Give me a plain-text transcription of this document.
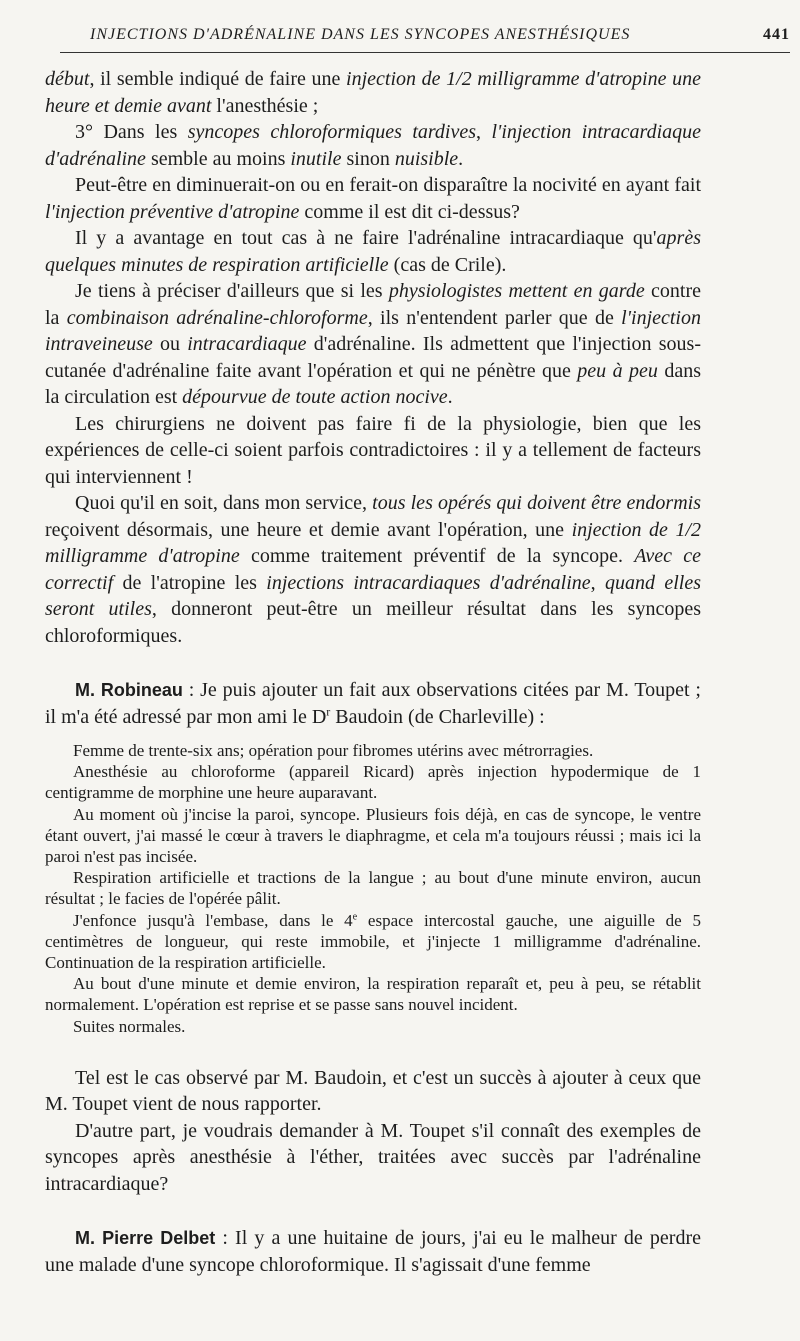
INJECTIONS D'ADRÉNALINE DANS LES SYNCOPES ANESTHÉSIQUES	441

début, il semble indiqué de faire une injection de 1/2 milligramme d'atropine une heure et demie avant l'anesthésie ;

3° Dans les syncopes chloroformiques tardives, l'injection intracardiaque d'adrénaline semble au moins inutile sinon nuisible.

Peut-être en diminuerait-on ou en ferait-on disparaître la nocivité en ayant fait l'injection préventive d'atropine comme il est dit ci-dessus?

Il y a avantage en tout cas à ne faire l'adrénaline intracardiaque qu'après quelques minutes de respiration artificielle (cas de Crile).

Je tiens à préciser d'ailleurs que si les physiologistes mettent en garde contre la combinaison adrénaline-chloroforme, ils n'entendent parler que de l'injection intraveineuse ou intracardiaque d'adrénaline. Ils admettent que l'injection sous-cutanée d'adrénaline faite avant l'opération et qui ne pénètre que peu à peu dans la circulation est dépourvue de toute action nocive.

Les chirurgiens ne doivent pas faire fi de la physiologie, bien que les expériences de celle-ci soient parfois contradictoires : il y a tellement de facteurs qui interviennent !

Quoi qu'il en soit, dans mon service, tous les opérés qui doivent être endormis reçoivent désormais, une heure et demie avant l'opération, une injection de 1/2 milligramme d'atropine comme traitement préventif de la syncope. Avec ce correctif de l'atropine les injections intracardiaques d'adrénaline, quand elles seront utiles, donneront peut-être un meilleur résultat dans les syncopes chloroformiques.

M. Robineau : Je puis ajouter un fait aux observations citées par M. Toupet ; il m'a été adressé par mon ami le $D^r$ Baudoin (de Charleville) :

Femme de trente-six ans; opération pour fibromes utérins avec métrorragies.

Anesthésie au chloroforme (appareil Ricard) après injection hypodermique de 1 centigramme de morphine une heure auparavant.

Au moment où j'incise la paroi, syncope. Plusieurs fois déjà, en cas de syncope, le ventre étant ouvert, j'ai massé le cœur à travers le diaphragme, et cela m'a toujours réussi ; mais ici la paroi n'est pas incisée.

Respiration artificielle et tractions de la langue ; au bout d'une minute environ, aucun résultat ; le facies de l'opérée pâlit.

J'enfonce jusqu'à l'embase, dans le 4e espace intercostal gauche, une aiguille de 5 centimètres de longueur, qui reste immobile, et j'injecte 1 milligramme d'adrénaline. Continuation de la respiration artificielle.

Au bout d'une minute et demie environ, la respiration reparaît et, peu à peu, se rétablit normalement. L'opération est reprise et se passe sans nouvel incident.

Suites normales.

Tel est le cas observé par M. Baudoin, et c'est un succès à ajouter à ceux que M. Toupet vient de nous rapporter.

D'autre part, je voudrais demander à M. Toupet s'il connaît des exemples de syncopes après anesthésie à l'éther, traitées avec succès par l'adrénaline intracardiaque?

M. Pierre Delbet : Il y a une huitaine de jours, j'ai eu le malheur de perdre une malade d'une syncope chloroformique. Il s'agissait d'une femme
